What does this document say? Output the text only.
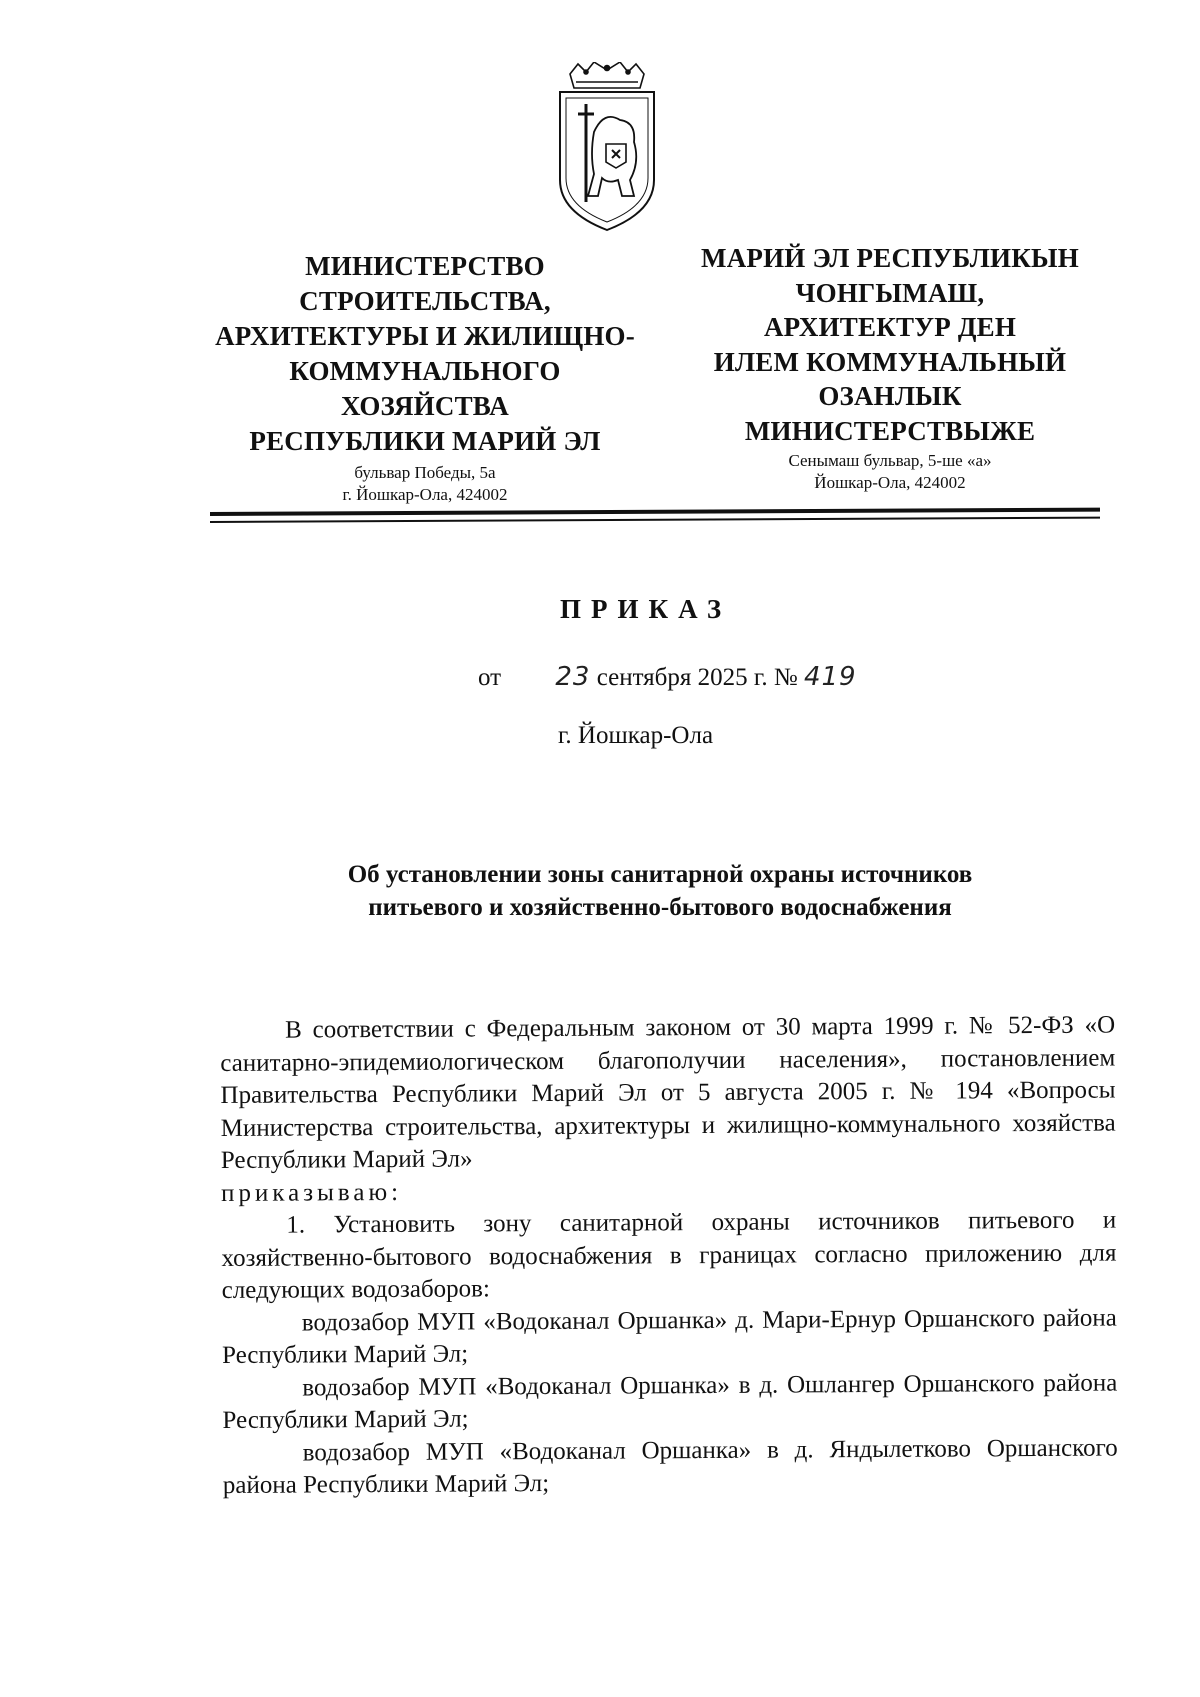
МИНИСТЕРСТВО
СТРОИТЕЛЬСТВА,
АРХИТЕКТУРЫ И ЖИЛИЩНО-
КОММУНАЛЬНОГО
ХОЗЯЙСТВА
РЕСПУБЛИКИ МАРИЙ ЭЛ
бульвар Победы, 5а
г. Йошкар-Ола, 424002
МАРИЙ ЭЛ РЕСПУБЛИКЫН
ЧОНГЫМАШ,
АРХИТЕКТУР ДЕН
ИЛЕМ КОММУНАЛЬНЫЙ
ОЗАНЛЫК
МИНИСТЕРСТВЫЖЕ
Сенымаш бульвар, 5-ше «а»
Йошкар-Ола, 424002
ПРИКАЗ
от 23 сентября 2025 г. № 419
г. Йошкар-Ола
Об установлении зоны санитарной охраны источников
питьевого и хозяйственно-бытового водоснабжения

В соответствии с Федеральным законом от 30 марта 1999 г. № 52-ФЗ «О санитарно-эпидемиологическом благополучии населения», постановлением Правительства Республики Марий Эл от 5 августа 2005 г. № 194 «Вопросы Министерства строительства, архитектуры и жилищно-коммунального хозяйства Республики Марий Эл»

приказываю:

1. Установить зону санитарной охраны источников питьевого и хозяйственно-бытового водоснабжения в границах согласно приложению для следующих водозаборов:

водозабор МУП «Водоканал Оршанка» д. Мари-Ернур Оршанского района Республики Марий Эл;

водозабор МУП «Водоканал Оршанка» в д. Ошлангер Оршанского района Республики Марий Эл;

водозабор МУП «Водоканал Оршанка» в д. Яндылетково Оршанского района Республики Марий Эл;
